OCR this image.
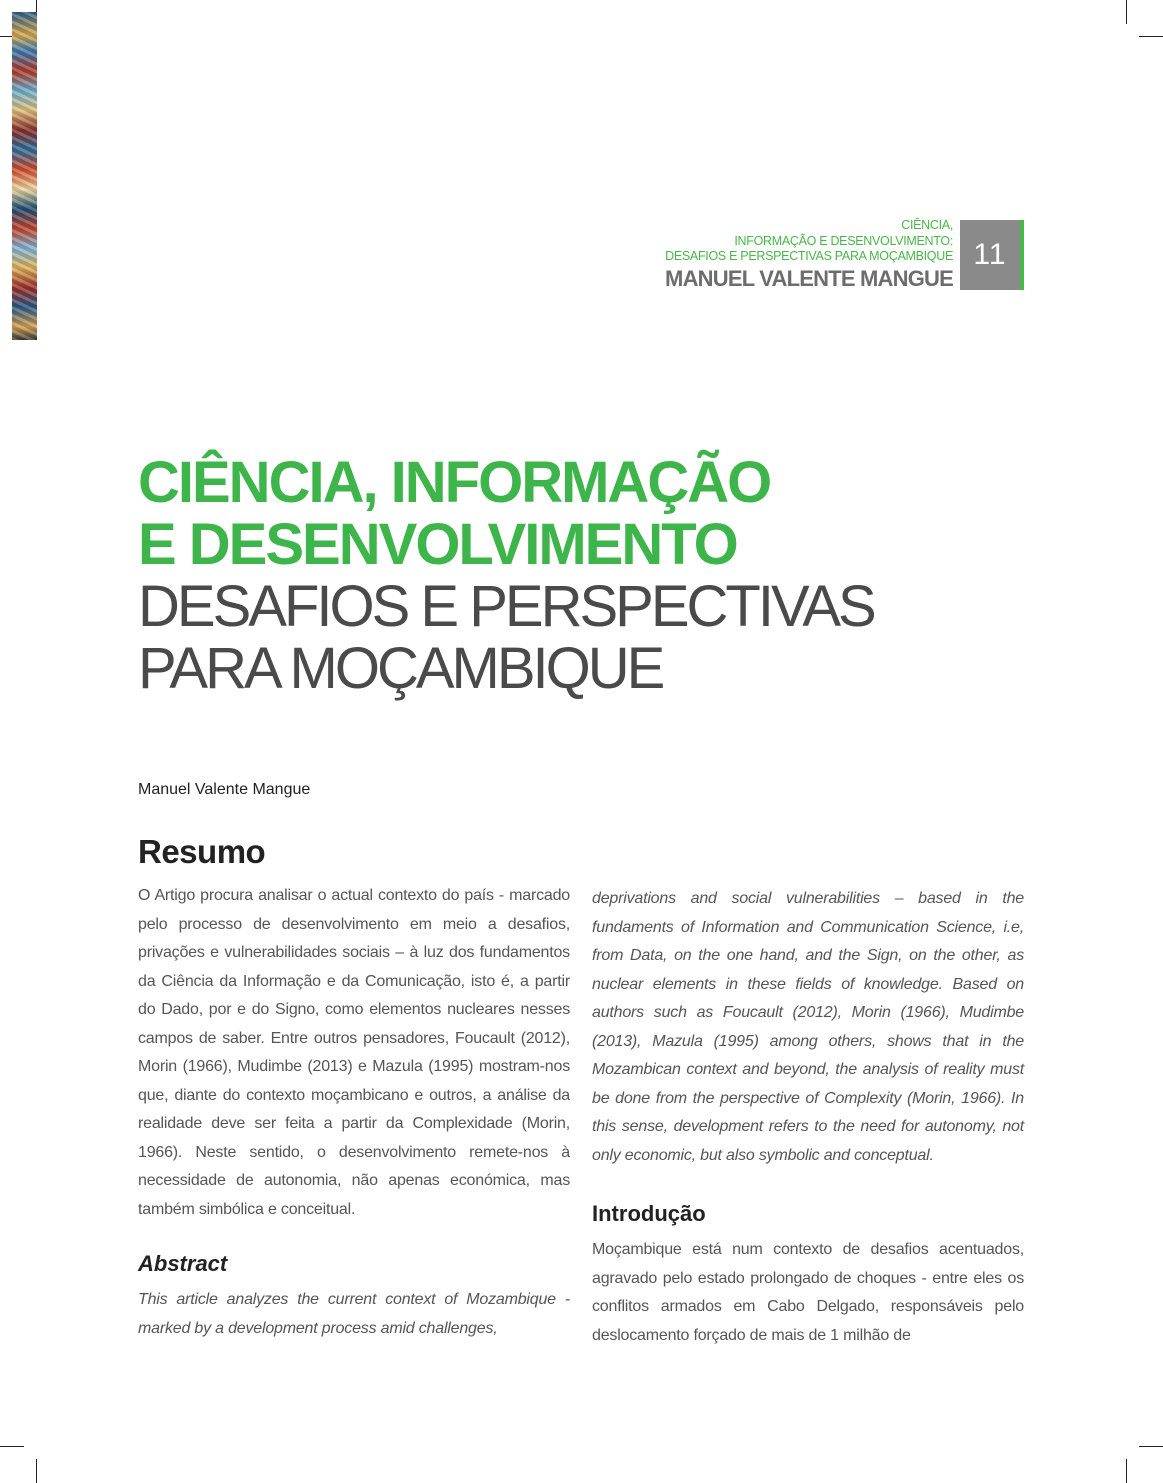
CIÊNCIA,
INFORMAÇÃO E DESENVOLVIMENTO:
DESAFIOS E PERSPECTIVAS PARA MOÇAMBIQUE
MANUEL VALENTE MANGUE
11
CIÊNCIA, INFORMAÇÃO
E DESENVOLVIMENTO
DESAFIOS E PERSPECTIVAS
PARA MOÇAMBIQUE
Manuel Valente Mangue
Resumo

O Artigo procura analisar o actual contexto do país - marcado pelo processo de desenvolvimento em meio a desafios, privações e vulnerabilidades sociais – à luz dos fundamentos da Ciência da Informação e da Comunicação, isto é, a partir do Dado, por e do Signo, como elementos nucleares nesses campos de saber. Entre outros pensadores, Foucault (2012), Morin (1966), Mudimbe (2013) e Mazula (1995) mostram-nos que, diante do contexto moçambicano e outros, a análise da realidade deve ser feita a partir da Complexidade (Morin, 1966). Neste sentido, o desenvolvimento remete-nos à necessidade de autonomia, não apenas económica, mas também simbólica e conceitual.

Abstract

This article analyzes the current context of Mozambique - marked by a development process amid challenges,

deprivations and social vulnerabilities – based in the fundaments of Information and Communication Science, i.e, from Data, on the one hand, and the Sign, on the other, as nuclear elements in these fields of knowledge. Based on authors such as Foucault (2012), Morin (1966), Mudimbe (2013), Mazula (1995) among others, shows that in the Mozambican context and beyond, the analysis of reality must be done from the perspective of Complexity (Morin, 1966). In this sense, development refers to the need for autonomy, not only economic, but also symbolic and conceptual.

Introdução

Moçambique está num contexto de desafios acentuados, agravado pelo estado prolongado de choques - entre eles os conflitos armados em Cabo Delgado, responsáveis pelo deslocamento forçado de mais de 1 milhão de
